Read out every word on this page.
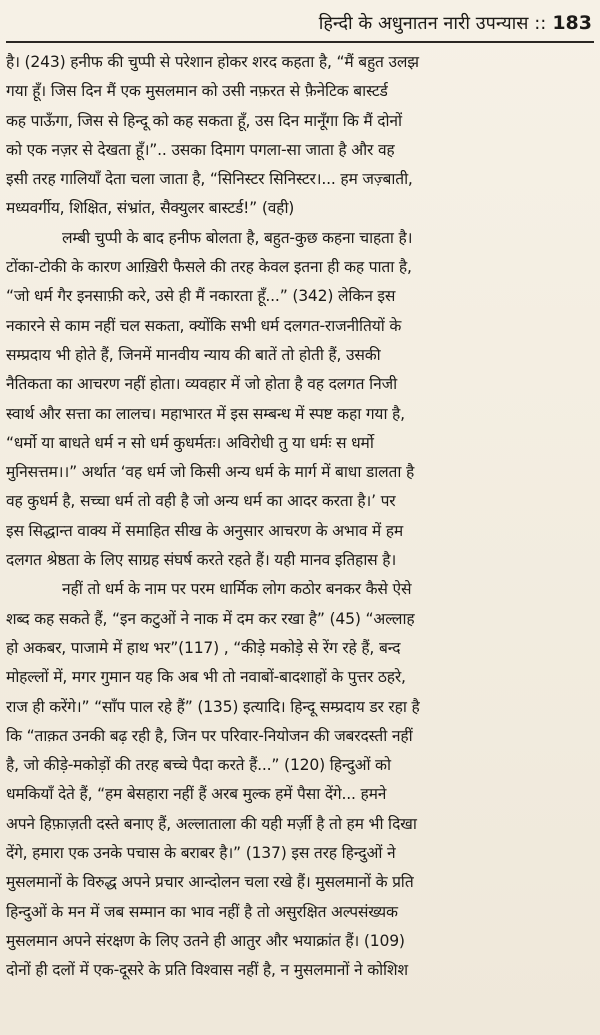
हिन्दी के अधुनातन नारी उपन्यास :: 183
है। (243) हनीफ की चुप्पी से परेशान होकर शरद कहता है, “मैं बहुत उलझ
गया हूँ। जिस दिन मैं एक मुसलमान को उसी नफ़रत से फ़ैनेटिक बास्टर्ड
कह पाऊँगा, जिस से हिन्दू को कह सकता हूँ, उस दिन मानूँगा कि मैं दोनों
को एक नज़र से देखता हूँ।”.. उसका दिमाग पगला-सा जाता है और वह
इसी तरह गालियाँ देता चला जाता है, “सिनिस्टर सिनिस्टर।... हम जज़्बाती,
मध्यवर्गीय, शिक्षित, संभ्रांत, सैक्युलर बास्टर्ड!” (वही)
लम्बी चुप्पी के बाद हनीफ बोलता है, बहुत-कुछ कहना चाहता है।
टोंका-टोकी के कारण आख़िरी फैसले की तरह केवल इतना ही कह पाता है,
“जो धर्म गैर इनसाफ़ी करे, उसे ही मैं नकारता हूँ...” (342) लेकिन इस
नकारने से काम नहीं चल सकता, क्योंकि सभी धर्म दलगत-राजनीतियों के
सम्प्रदाय भी होते हैं, जिनमें मानवीय न्याय की बातें तो होती हैं, उसकी
नैतिकता का आचरण नहीं होता। व्यवहार में जो होता है वह दलगत निजी
स्वार्थ और सत्ता का लालच। महाभारत में इस सम्बन्ध में स्पष्ट कहा गया है,
“धर्मो या बाधते धर्म न सो धर्म कुधर्मतः। अविरोधी तु या धर्मः स धर्मो
मुनिसत्तम।।” अर्थात ‘वह धर्म जो किसी अन्य धर्म के मार्ग में बाधा डालता है
वह कुधर्म है, सच्चा धर्म तो वही है जो अन्य धर्म का आदर करता है।’ पर
इस सिद्धान्त वाक्य में समाहित सीख के अनुसार आचरण के अभाव में हम
दलगत श्रेष्ठता के लिए साग्रह संघर्ष करते रहते हैं। यही मानव इतिहास है।
नहीं तो धर्म के नाम पर परम धार्मिक लोग कठोर बनकर कैसे ऐसे
शब्द कह सकते हैं, “इन कटुओं ने नाक में दम कर रखा है” (45) “अल्लाह
हो अकबर, पाजामे में हाथ भर”(117) , “कीड़े मकोड़े से रेंग रहे हैं, बन्द
मोहल्लों में, मगर गुमान यह कि अब भी तो नवाबों-बादशाहों के पुत्तर ठहरे,
राज ही करेंगे।” “साँप पाल रहे हैं” (135) इत्यादि। हिन्दू सम्प्रदाय डर रहा है
कि “ताक़त उनकी बढ़ रही है, जिन पर परिवार-नियोजन की जबरदस्ती नहीं
है, जो कीड़े-मकोड़ों की तरह बच्चे पैदा करते हैं...” (120) हिन्दुओं को
धमकियाँ देते हैं, “हम बेसहारा नहीं हैं अरब मुल्क हमें पैसा देंगे... हमने
अपने हिफ़ाज़ती दस्ते बनाए हैं, अल्लाताला की यही मर्ज़ी है तो हम भी दिखा
देंगे, हमारा एक उनके पचास के बराबर है।” (137) इस तरह हिन्दुओं ने
मुसलमानों के विरुद्ध अपने प्रचार आन्दोलन चला रखे हैं। मुसलमानों के प्रति
हिन्दुओं के मन में जब सम्मान का भाव नहीं है तो असुरक्षित अल्पसंख्यक
मुसलमान अपने संरक्षण के लिए उतने ही आतुर और भयाक्रांत हैं। (109)
दोनों ही दलों में एक-दूसरे के प्रति विश्वास नहीं है, न मुसलमानों ने कोशिश
